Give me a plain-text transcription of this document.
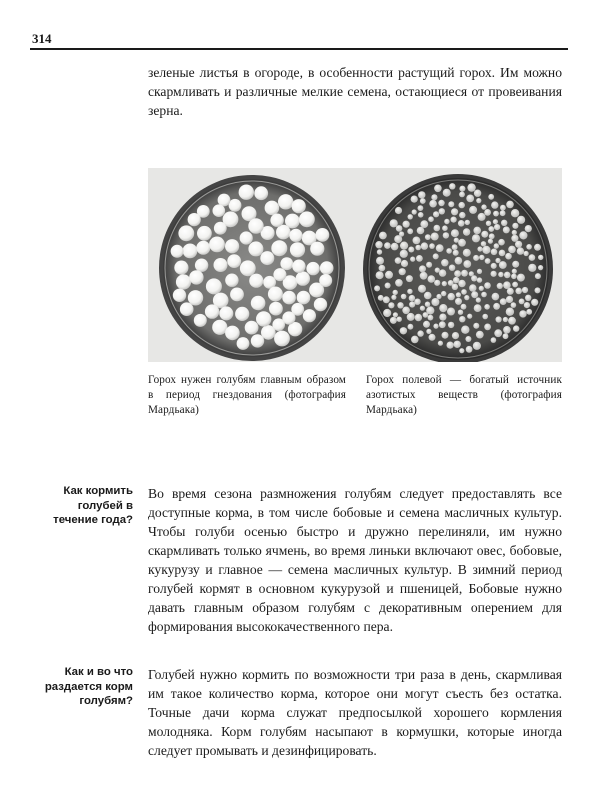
314
зеленые листья в огороде, в особенности растущий горох. Им можно скармливать и различные мелкие семена, остающиеся от провеивания зерна.
Горох нужен голубям главным образом в период гнездования (фотография Мардьака)
Горох полевой — богатый источник азотистых веществ (фотография Мардьака)
Как кормить голубей в течение года?
Во время сезона размножения голубям следует предоставлять все доступные корма, в том числе бобовые и семена масличных культур. Чтобы голуби осенью быстро и дружно перелиняли, им нужно скармливать только ячмень, во время линьки включают овес, бобовые, кукурузу и главное — семена масличных культур. В зимний период голубей кормят в основном кукурузой и пшеницей, Бобовые нужно давать главным образом голубям с декоративным оперением для формирования высококачественного пера.
Как и во что раздается корм голубям?
Голубей нужно кормить по возможности три раза в день, скармливая им такое количество корма, которое они могут съесть без остатка. Точные дачи корма служат предпосылкой хорошего кормления молодняка. Корм голубям насыпают в кормушки, которые иногда следует промывать и дезинфицировать.
